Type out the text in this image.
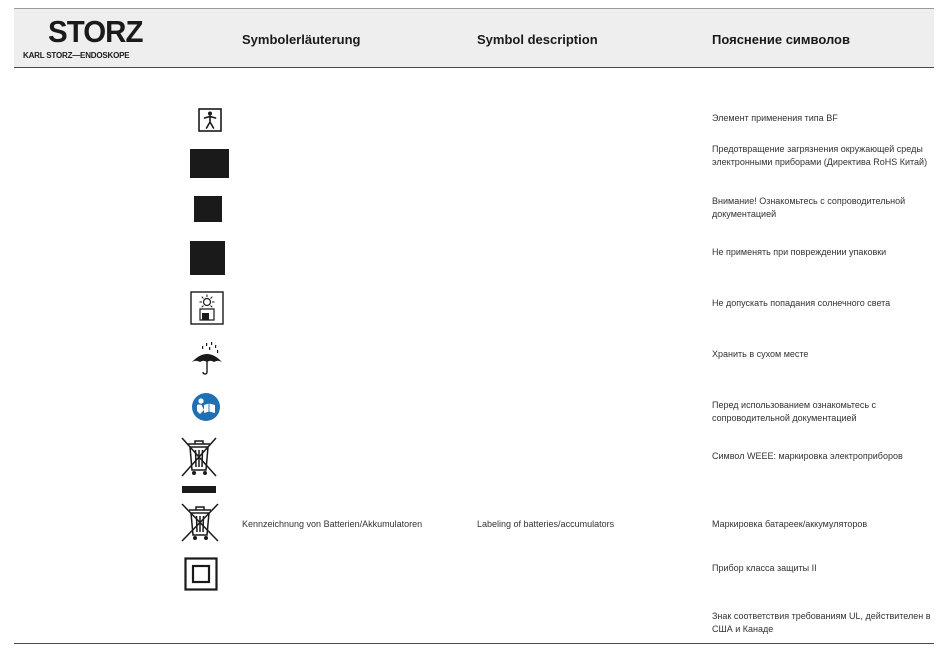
STORZ
KARL STORZ—ENDOSKOPE
Symbolerläuterung	Symbol description	Пояснение символов
Элемент применения типа BF
Предотвращение загрязнения окружающей среды электронными приборами (Директива RoHS Китай)
Внимание! Ознакомьтесь с сопроводительной документацией
Не применять при повреждении упаковки
Не допускать попадания солнечного света
Хранить в сухом месте
Перед использованием ознакомьтесь с сопроводительной документацией
Символ WEEE: маркировка электроприборов
Kennzeichnung von Batterien/Akkumulatoren	Labeling of batteries/accumulators	Маркировка батареек/аккумуляторов
Прибор класса защиты II
Знак соответствия требованиям UL, действителен в США и Канаде
